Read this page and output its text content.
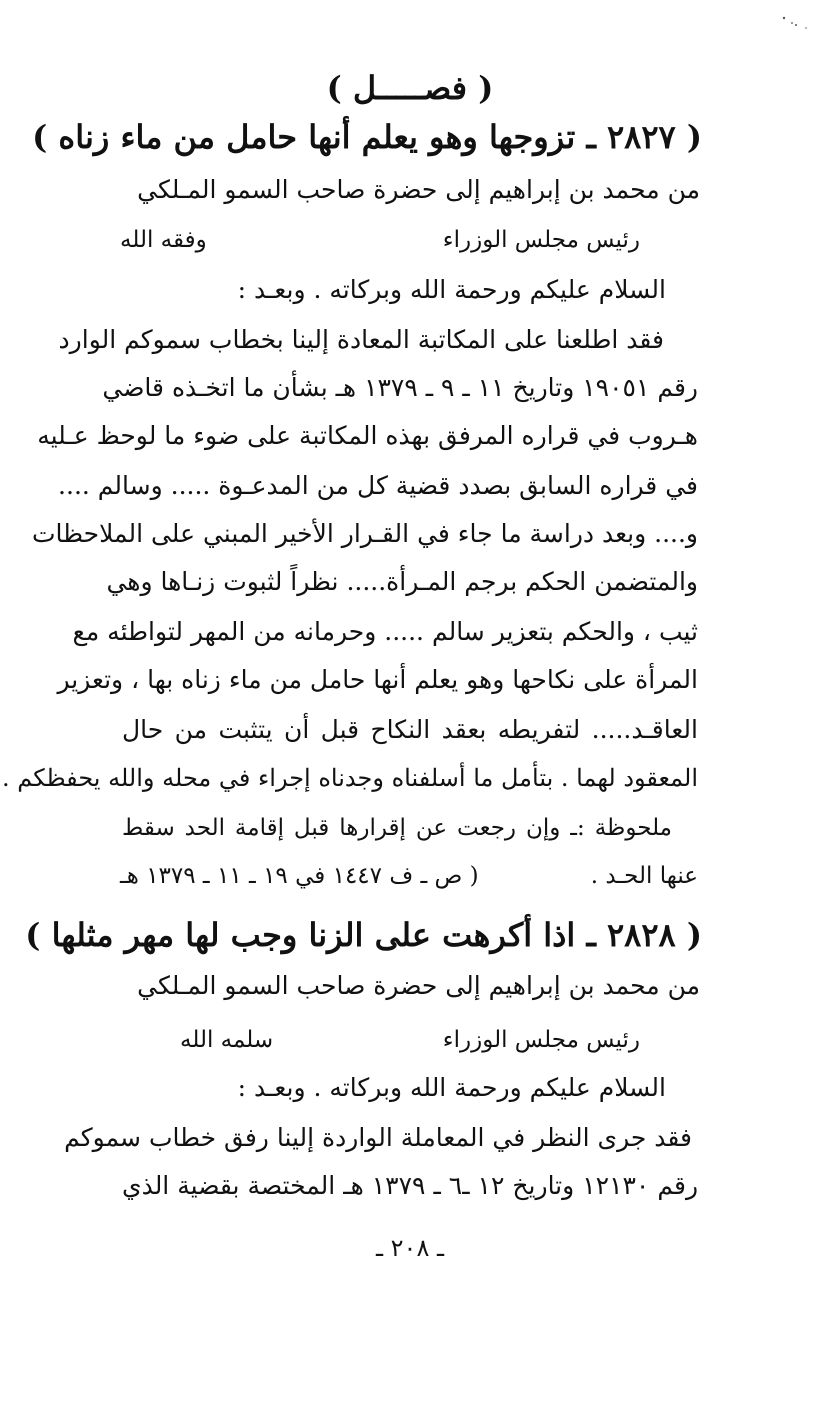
( فصـــــل )
( ٢٨٢٧ ـ تزوجها وهو يعلم أنها حامل من ماء زناه )
من محمد بن إبراهيم إلى حضرة صاحب السمو المـلكي
رئيس مجلس الوزراء
وفقه الله
السلام عليكم ورحمة الله وبركاته . وبعـد :
فقد اطلعنا على المكاتبة المعادة إلينا بخطاب سموكم الوارد
رقم ١٩٠٥١ وتاريخ ١١ ـ ٩ ـ ١٣٧٩ هـ بشأن ما اتخـذه قاضي
هـروب في قراره المرفق بهذه المكاتبة على ضوء ما لوحظ عـليه
في قراره السابق بصدد قضية كل من المدعـوة ..... وسالم ....
و.... وبعد دراسة ما جاء في القـرار الأخير المبني على الملاحظات
والمتضمن الحكم برجم المـرأة..... نظراً لثبوت زنـاها وهي
ثيب ، والحكم بتعزير سالم ..... وحرمانه من المهر لتواطئه مع
المرأة على نكاحها وهو يعلم أنها حامل من ماء زناه بها ، وتعزير
العاقـد..... لتفريطه بعقد النكاح قبل أن يتثبت من حال
المعقود لهما . بتأمل ما أسلفناه وجدناه إجراء في محله والله يحفظكم .
ملحوظة :ـ وإن رجعت عن إقرارها قبل إقامة الحد سقط
عنها الحـد .
( ص ـ ف ١٤٤٧ في ١٩ ـ ١١ ـ ١٣٧٩ هـ
( ٢٨٢٨ ـ اذا أكرهت على الزنا وجب لها مهر مثلها )
من محمد بن إبراهيم إلى حضرة صاحب السمو المـلكي
رئيس مجلس الوزراء
سلمه الله
السلام عليكم ورحمة الله وبركاته . وبعـد :
فقد جرى النظر في المعاملة الواردة إلينا رفق خطاب سموكم
رقم ١٢١٣٠ وتاريخ ١٢ ـ٦ ـ ١٣٧٩ هـ المختصة بقضية الذي
ـ ٢٠٨ ـ
